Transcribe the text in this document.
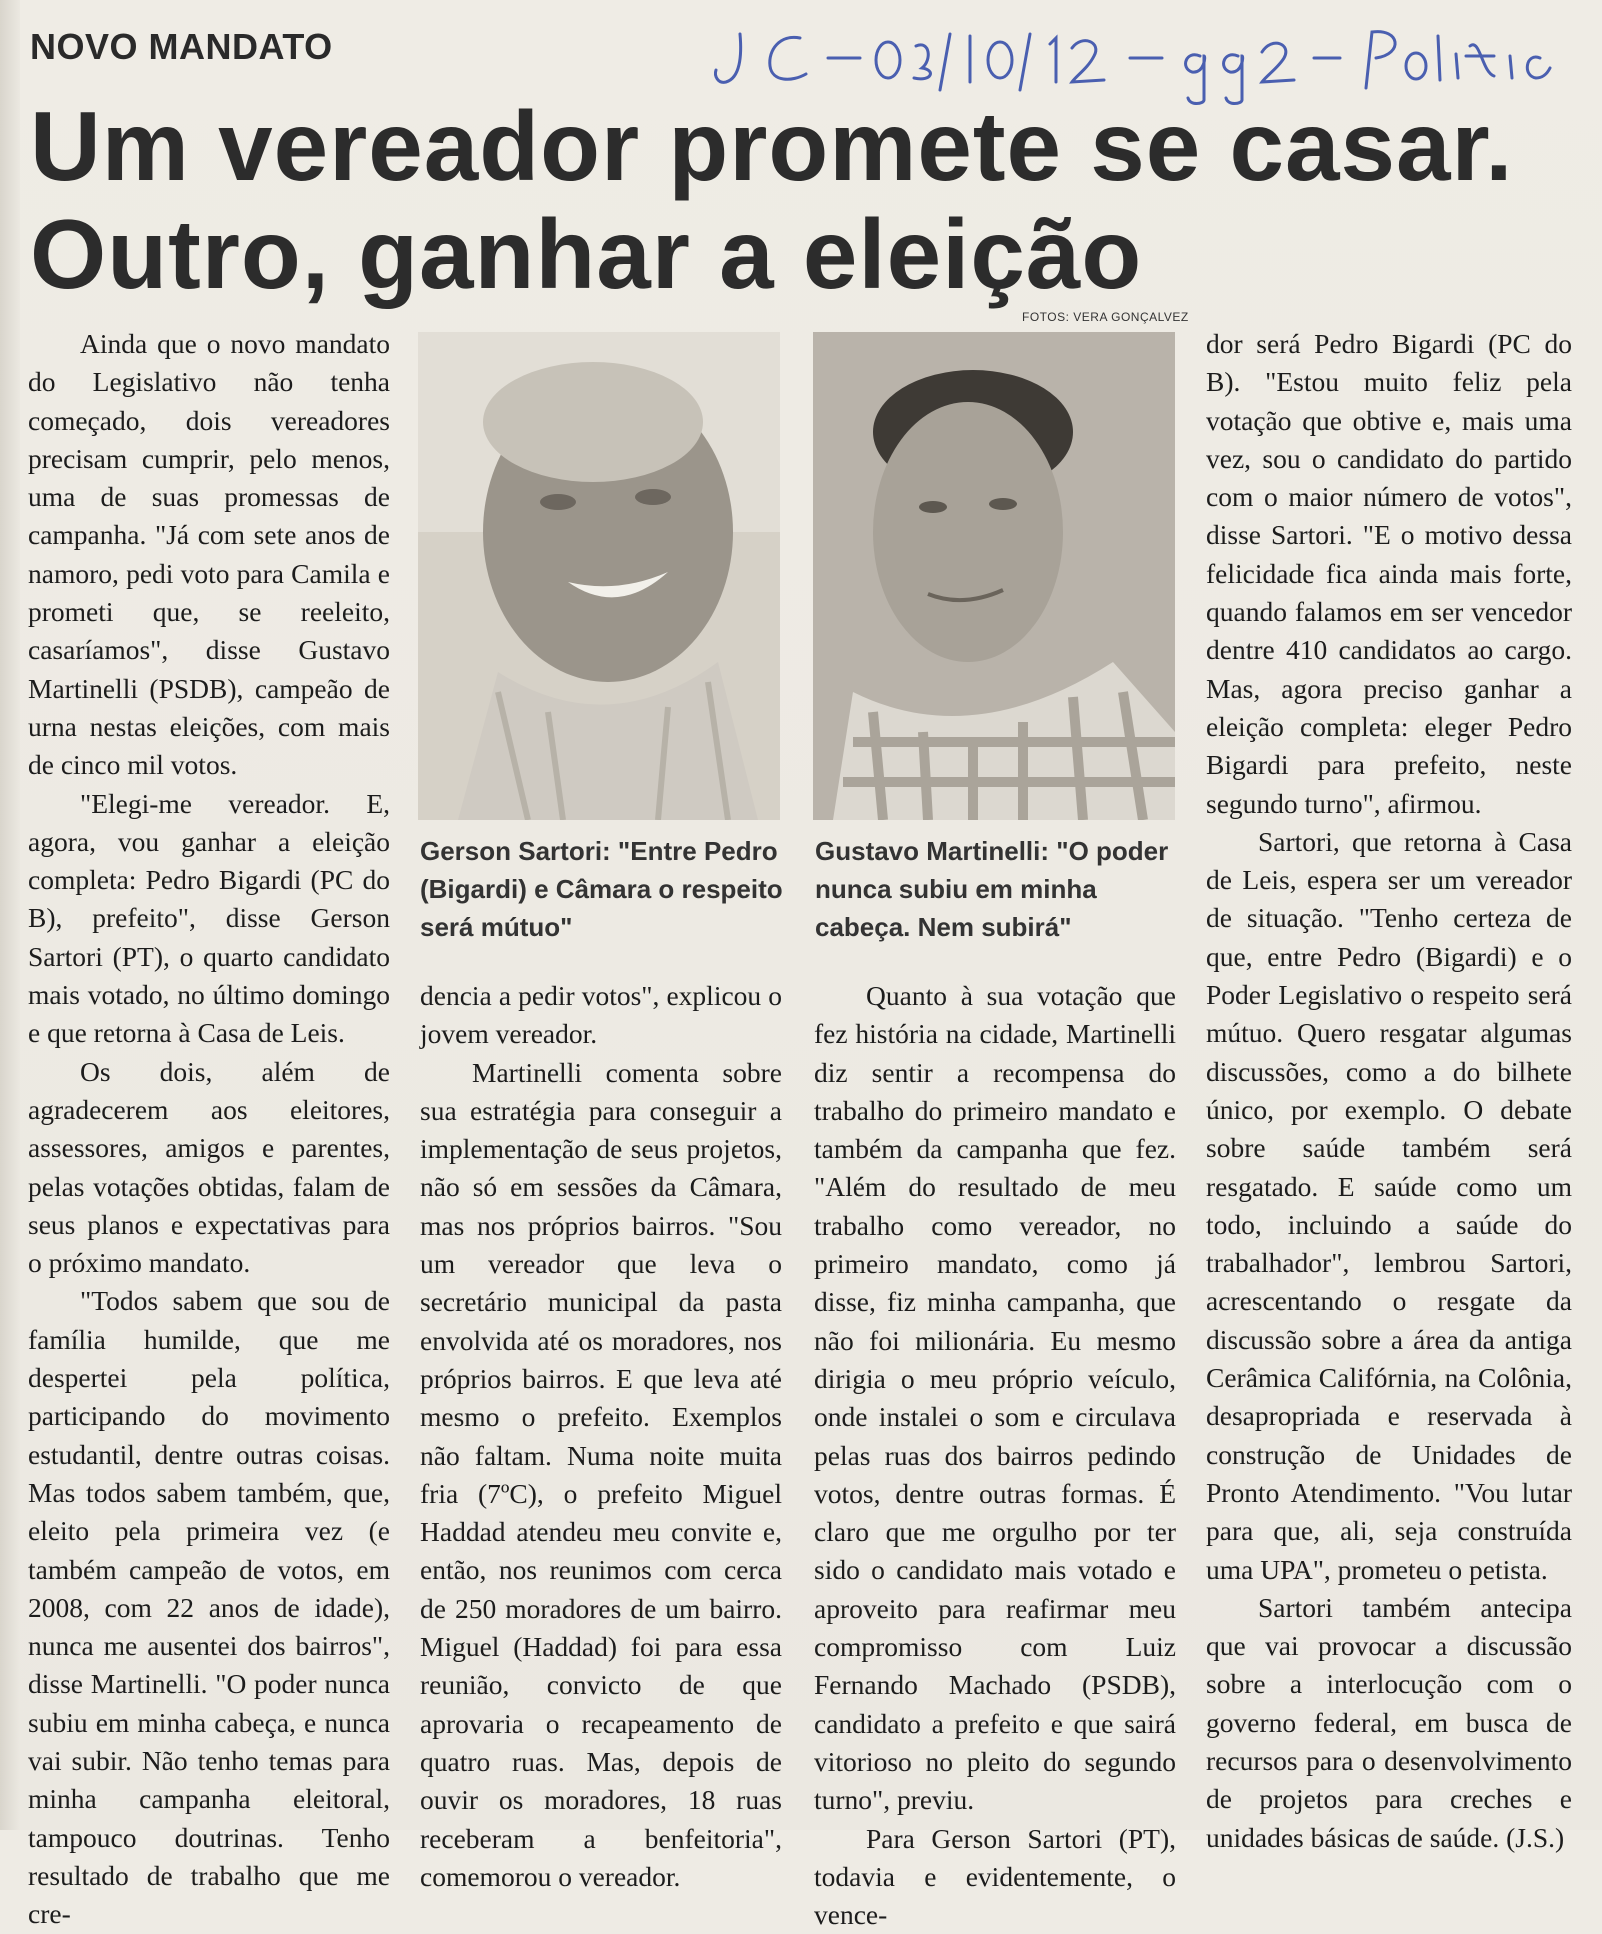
NOVO MANDATO
Um vereador promete se casar. Outro, ganhar a eleição
FOTOS: VERA GONÇALVEZ
Gerson Sartori: "Entre Pedro (Bigardi) e Câmara o respeito será mútuo"
Gustavo Martinelli: "O poder nunca subiu em minha cabeça. Nem subirá"

Ainda que o novo mandato do Legislativo não tenha começado, dois vereadores precisam cumprir, pelo menos, uma de suas promessas de campanha. "Já com sete anos de namoro, pedi voto para Camila e prometi que, se reeleito, casaríamos", disse Gustavo Martinelli (PSDB), campeão de urna nestas eleições, com mais de cinco mil votos.

"Elegi-me vereador. E, agora, vou ganhar a eleição completa: Pedro Bigardi (PC do B), prefeito", disse Gerson Sartori (PT), o quarto candidato mais votado, no último domingo e que retorna à Casa de Leis.

Os dois, além de agradecerem aos eleitores, assessores, amigos e parentes, pelas votações obtidas, falam de seus planos e expectativas para o próximo mandato.

"Todos sabem que sou de família humilde, que me despertei pela política, participando do movimento estudantil, dentre outras coisas. Mas todos sabem também, que, eleito pela primeira vez (e também campeão de votos, em 2008, com 22 anos de idade), nunca me ausentei dos bairros", disse Martinelli. "O poder nunca subiu em minha cabeça, e nunca vai subir. Não tenho temas para minha campanha eleitoral, tampouco doutrinas. Tenho resultado de trabalho que me cre-

dencia a pedir votos", explicou o jovem vereador.

Martinelli comenta sobre sua estratégia para conseguir a implementação de seus projetos, não só em sessões da Câmara, mas nos próprios bairros. "Sou um vereador que leva o secretário municipal da pasta envolvida até os moradores, nos próprios bairros. E que leva até mesmo o prefeito. Exemplos não faltam. Numa noite muita fria (7ºC), o prefeito Miguel Haddad atendeu meu convite e, então, nos reunimos com cerca de 250 moradores de um bairro. Miguel (Haddad) foi para essa reunião, convicto de que aprovaria o recapeamento de quatro ruas. Mas, depois de ouvir os moradores, 18 ruas receberam a benfeitoria", comemorou o vereador.

Quanto à sua votação que fez história na cidade, Martinelli diz sentir a recompensa do trabalho do primeiro mandato e também da campanha que fez. "Além do resultado de meu trabalho como vereador, no primeiro mandato, como já disse, fiz minha campanha, que não foi milionária. Eu mesmo dirigia o meu próprio veículo, onde instalei o som e circulava pelas ruas dos bairros pedindo votos, dentre outras formas. É claro que me orgulho por ter sido o candidato mais votado e aproveito para reafirmar meu compromisso com Luiz Fernando Machado (PSDB), candidato a prefeito e que sairá vitorioso no pleito do segundo turno", previu.

Para Gerson Sartori (PT), todavia e evidentemente, o vence-

dor será Pedro Bigardi (PC do B). "Estou muito feliz pela votação que obtive e, mais uma vez, sou o candidato do partido com o maior número de votos", disse Sartori. "E o motivo dessa felicidade fica ainda mais forte, quando falamos em ser vencedor dentre 410 candidatos ao cargo. Mas, agora preciso ganhar a eleição completa: eleger Pedro Bigardi para prefeito, neste segundo turno", afirmou.

Sartori, que retorna à Casa de Leis, espera ser um vereador de situação. "Tenho certeza de que, entre Pedro (Bigardi) e o Poder Legislativo o respeito será mútuo. Quero resgatar algumas discussões, como a do bilhete único, por exemplo. O debate sobre saúde também será resgatado. E saúde como um todo, incluindo a saúde do trabalhador", lembrou Sartori, acrescentando o resgate da discussão sobre a área da antiga Cerâmica Califórnia, na Colônia, desapropriada e reservada à construção de Unidades de Pronto Atendimento. "Vou lutar para que, ali, seja construída uma UPA", prometeu o petista.

Sartori também antecipa que vai provocar a discussão sobre a interlocução com o governo federal, em busca de recursos para o desenvolvimento de projetos para creches e unidades básicas de saúde. (J.S.)
